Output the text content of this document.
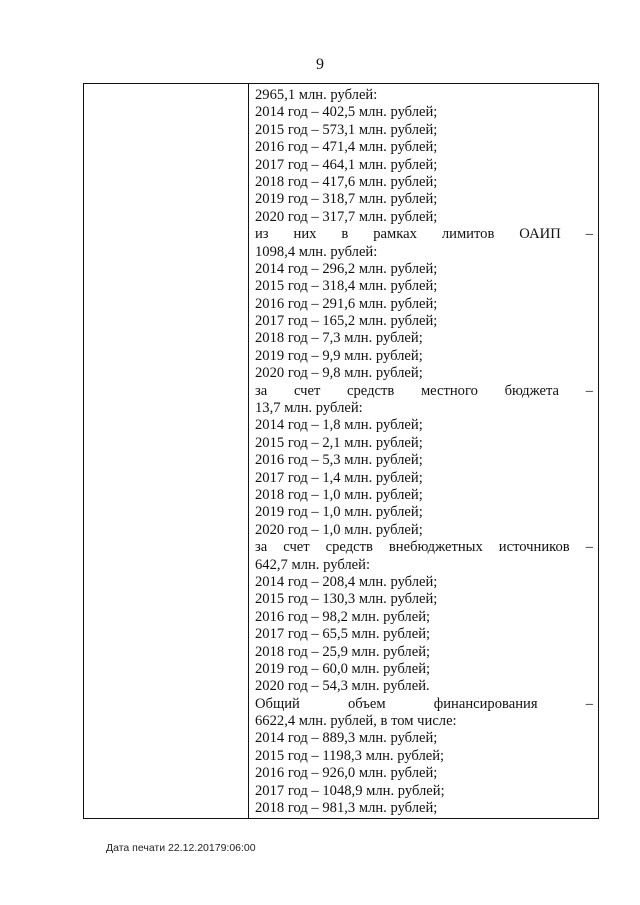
9
2965,1 млн. рублей:
2014 год – 402,5 млн. рублей;
2015 год – 573,1 млн. рублей;
2016 год – 471,4 млн. рублей;
2017 год – 464,1 млн. рублей;
2018 год – 417,6 млн. рублей;
2019 год – 318,7 млн. рублей;
2020 год – 317,7 млн. рублей;
из них в рамках лимитов ОАИП –
1098,4 млн. рублей:
2014 год – 296,2 млн. рублей;
2015 год – 318,4 млн. рублей;
2016 год – 291,6 млн. рублей;
2017 год – 165,2 млн. рублей;
2018 год – 7,3 млн. рублей;
2019 год – 9,9 млн. рублей;
2020 год – 9,8 млн. рублей;
за счет средств местного бюджета –
13,7 млн. рублей:
2014 год – 1,8 млн. рублей;
2015 год – 2,1 млн. рублей;
2016 год – 5,3 млн. рублей;
2017 год – 1,4 млн. рублей;
2018 год – 1,0 млн. рублей;
2019 год – 1,0 млн. рублей;
2020 год – 1,0 млн. рублей;
за счет средств внебюджетных источников –
642,7 млн. рублей:
2014 год – 208,4 млн. рублей;
2015 год – 130,3 млн. рублей;
2016 год – 98,2 млн. рублей;
2017 год – 65,5 млн. рублей;
2018 год – 25,9 млн. рублей;
2019 год – 60,0 млн. рублей;
2020 год – 54,3 млн. рублей.
Общий объем финансирования –
6622,4 млн. рублей, в том числе:
2014 год – 889,3 млн. рублей;
2015 год – 1198,3 млн. рублей;
2016 год – 926,0 млн. рублей;
2017 год – 1048,9 млн. рублей;
2018 год – 981,3 млн. рублей;
Дата печати 22.12.20179:06:00
